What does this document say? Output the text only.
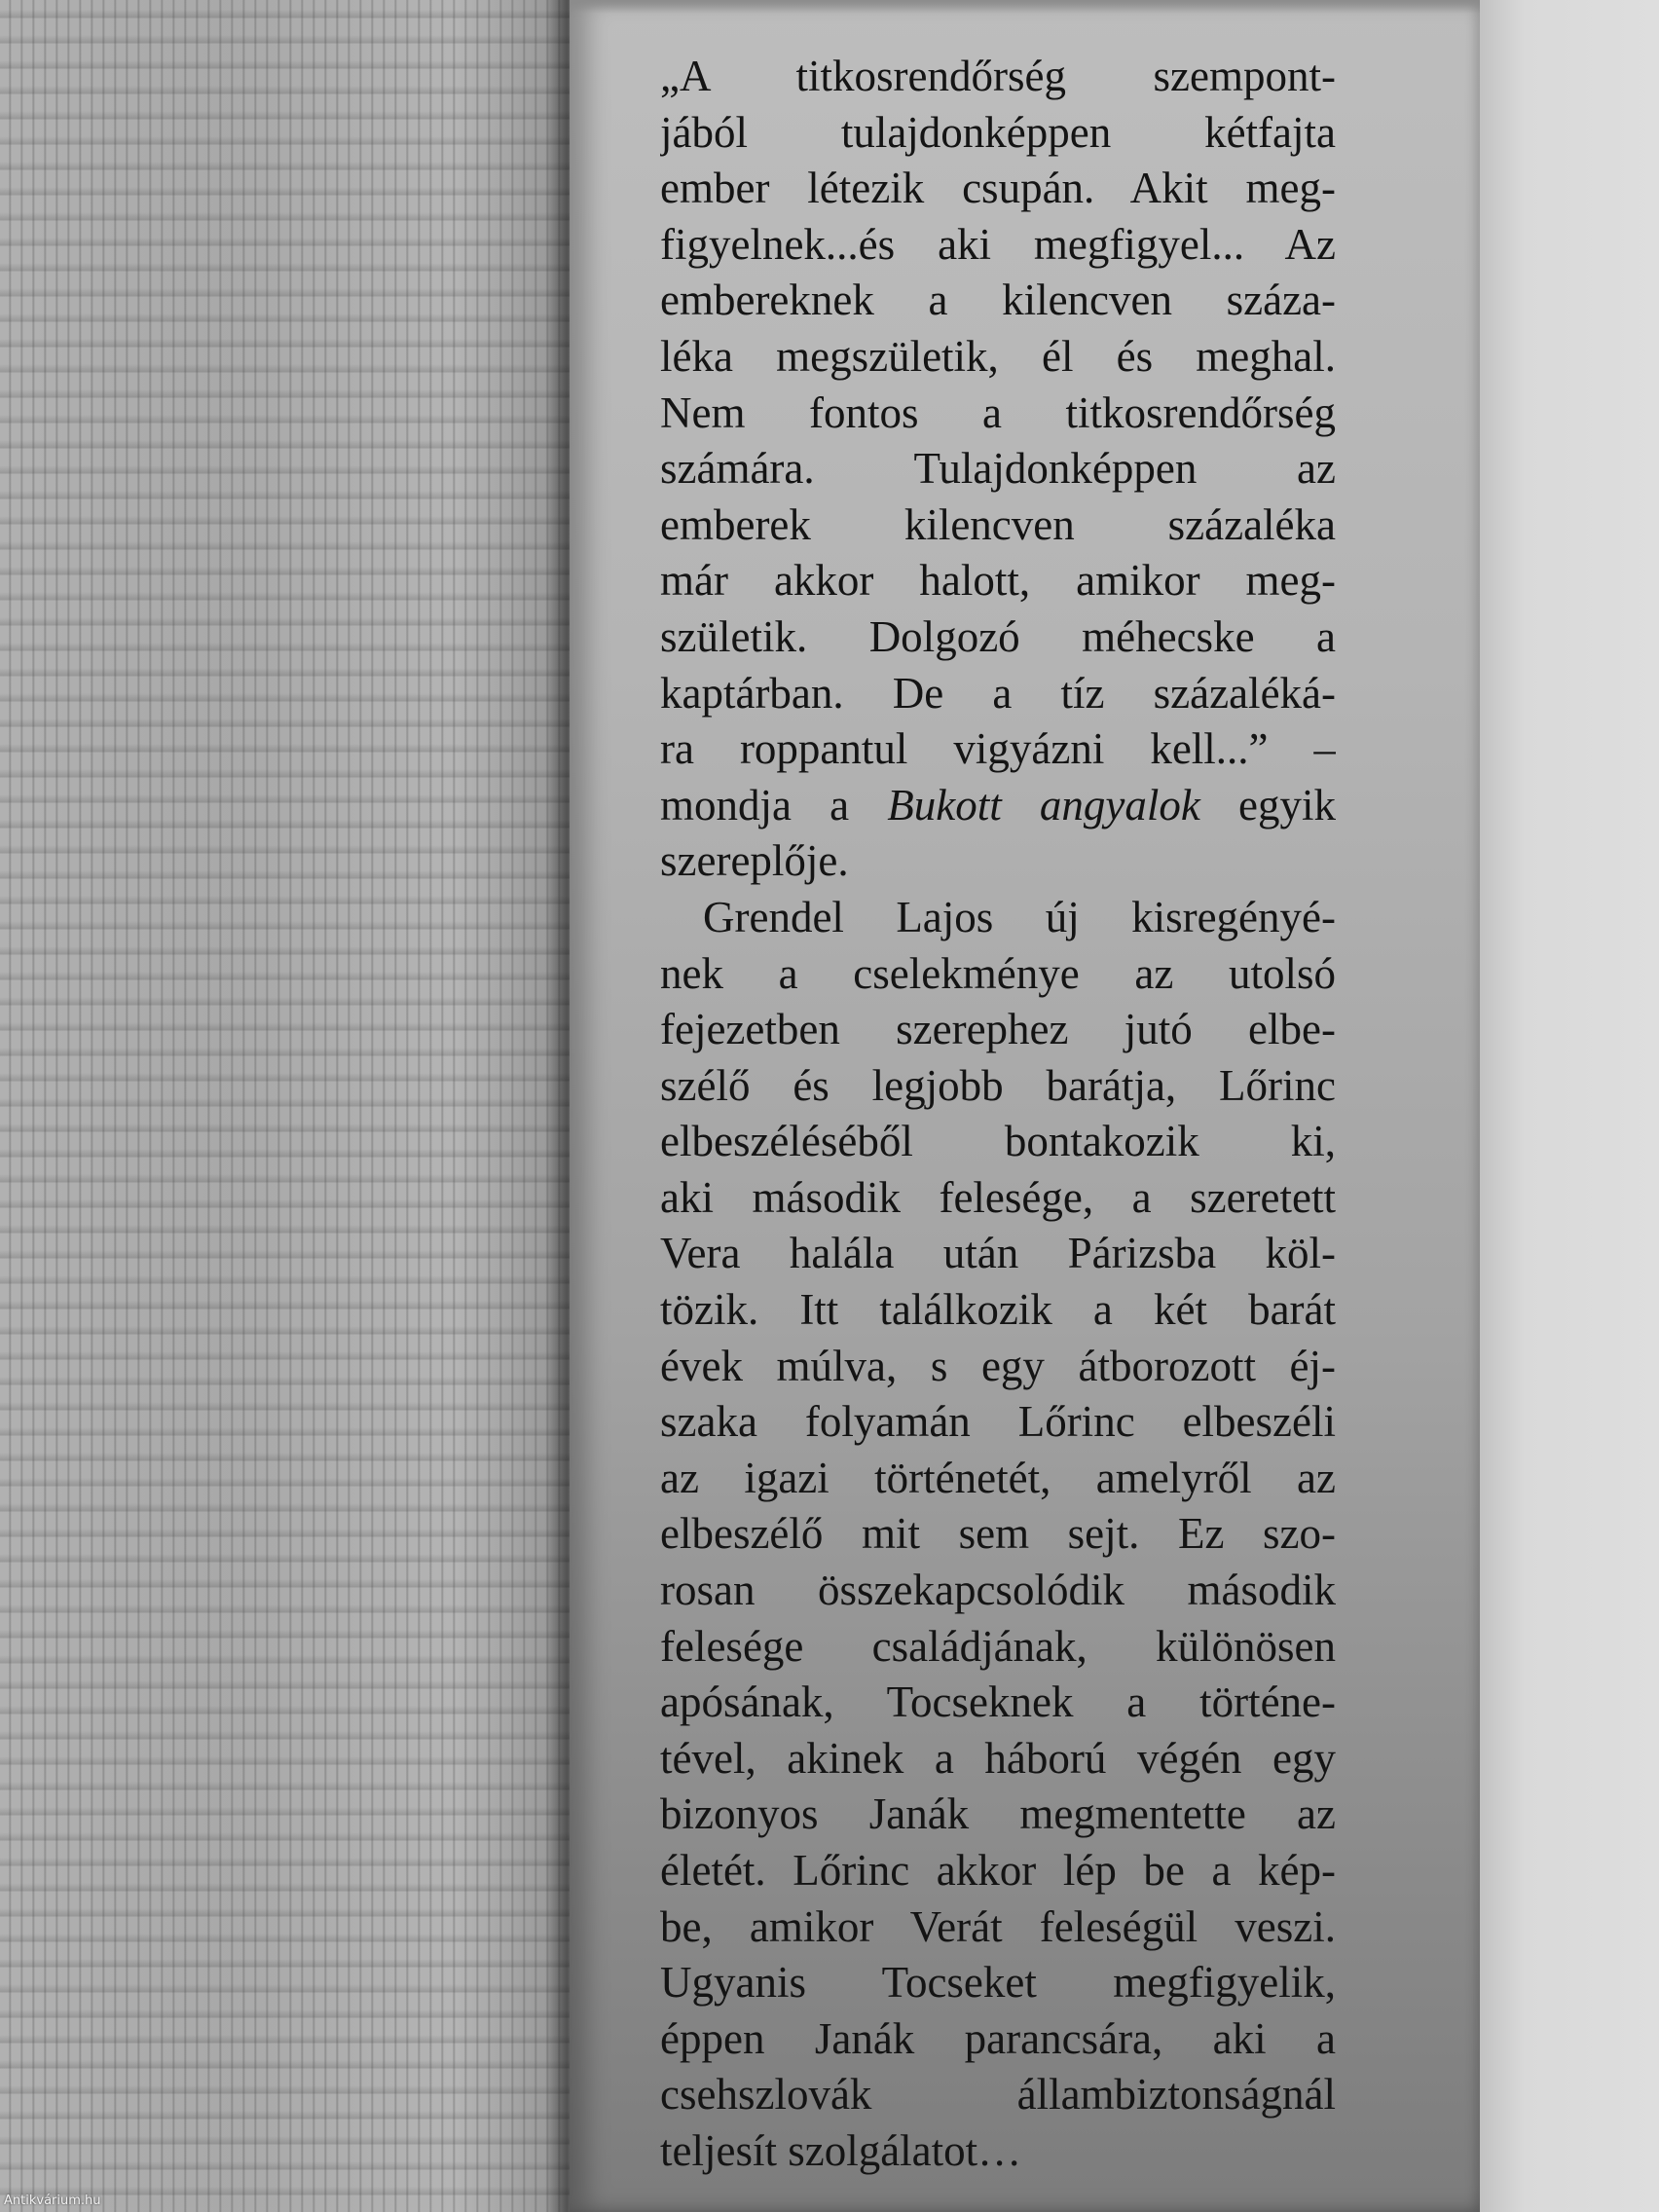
„A titkosrendőrség szempont-
jából tulajdonképpen kétfajta
ember létezik csupán. Akit meg-
figyelnek...és aki megfigyel... Az
embereknek a kilencven száza-
léka megszületik, él és meghal.
Nem fontos a titkosrendőrség
számára. Tulajdonképpen az
emberek kilencven százaléka
már akkor halott, amikor meg-
születik. Dolgozó méhecske a
kaptárban. De a tíz százaléká-
ra roppantul vigyázni kell...” –
mondja a Bukott angyalok egyik
szereplője.
Grendel Lajos új kisregényé-
nek a cselekménye az utolsó
fejezetben szerephez jutó elbe-
szélő és legjobb barátja, Lőrinc
elbeszéléséből bontakozik ki,
aki második felesége, a szeretett
Vera halála után Párizsba köl-
tözik. Itt találkozik a két barát
évek múlva, s egy átborozott éj-
szaka folyamán Lőrinc elbeszéli
az igazi történetét, amelyről az
elbeszélő mit sem sejt. Ez szo-
rosan összekapcsolódik második
felesége családjának, különösen
apósának, Tocseknek a történe-
tével, akinek a háború végén egy
bizonyos Janák megmentette az
életét. Lőrinc akkor lép be a kép-
be, amikor Verát feleségül veszi.
Ugyanis Tocseket megfigyelik,
éppen Janák parancsára, aki a
csehszlovák állambiztonságnál
teljesít szolgálatot…
Antikvárium.hu
